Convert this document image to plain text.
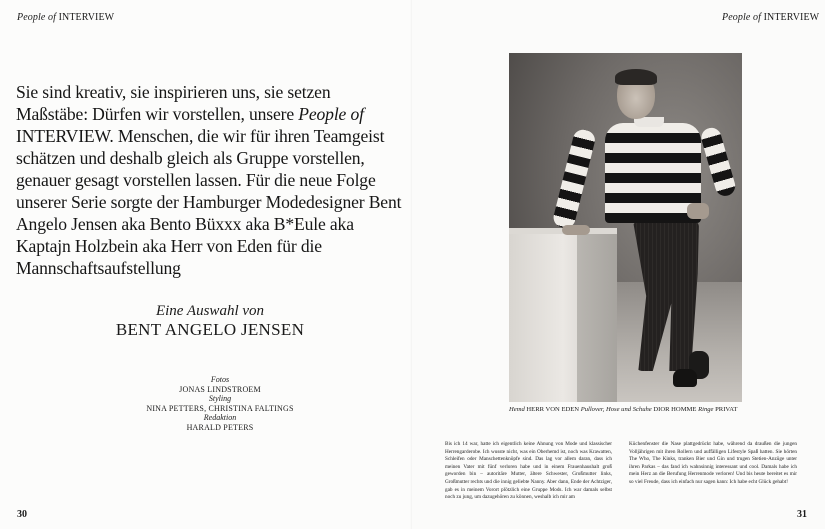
People of INTERVIEW
Sie sind kreativ, sie inspirieren uns, sie setzen Maßstäbe: Dürfen wir vorstellen, unsere People of INTERVIEW. Menschen, die wir für ihren Teamgeist schätzen und deshalb gleich als Gruppe vorstellen, genauer gesagt vorstellen lassen. Für die neue Folge unserer Serie sorgte der Hamburger Modedesigner Bent Angelo Jensen aka Bento Büxxx aka B*Eule aka Kaptajn Holzbein aka Herr von Eden für die Mannschaftsaufstellung
Eine Auswahl von
BENT ANGELO JENSEN
Fotos
JONAS LINDSTROEM
Styling
NINA PETTERS, CHRISTINA FALTINGS
Redaktion
HARALD PETERS
30
People of INTERVIEW
Hemd HERR VON EDEN Pullover, Hose und Schuhe DIOR HOMME Ringe PRIVAT
Bis ich 14 war, hatte ich eigentlich keine Ahnung von Mode und klassischer Herrengarderobe. Ich wusste nicht, was ein Oberhemd ist, noch was Krawatten, Schleifen oder Manschettenknöpfe sind. Das lag vor allem daran, dass ich meinen Vater mit fünf verloren habe und in einem Frauenhaushalt groß geworden bin – autoritäre Mutter, ältere Schwester, Großmutter links, Großmutter rechts und die innig geliebte Nanny. Aber dann, Ende der Achtziger, gab es in meinem Vorort plötzlich eine Gruppe Mods. Ich war damals selbst noch zu jung, um dazugehören zu können, weshalb ich mir am
Küchenfenster die Nase plattgedrückt habe, während da draußen die jungen Volljährigen mit ihren Rollern und auffälligen Lifestyle Spaß hatten. Sie hörten The Who, The Kinks, tranken Bier und Gin und trugen Stetien-Anzüge unter ihren Parkas – das fand ich wahnsinnig interessant und cool. Damals habe ich mein Herz an die Berufung Herrenmode verloren! Und bis heute bereitet es mir so viel Freude, dass ich einfach nur sagen kann: Ich habe echt Glück gehabt!
31
